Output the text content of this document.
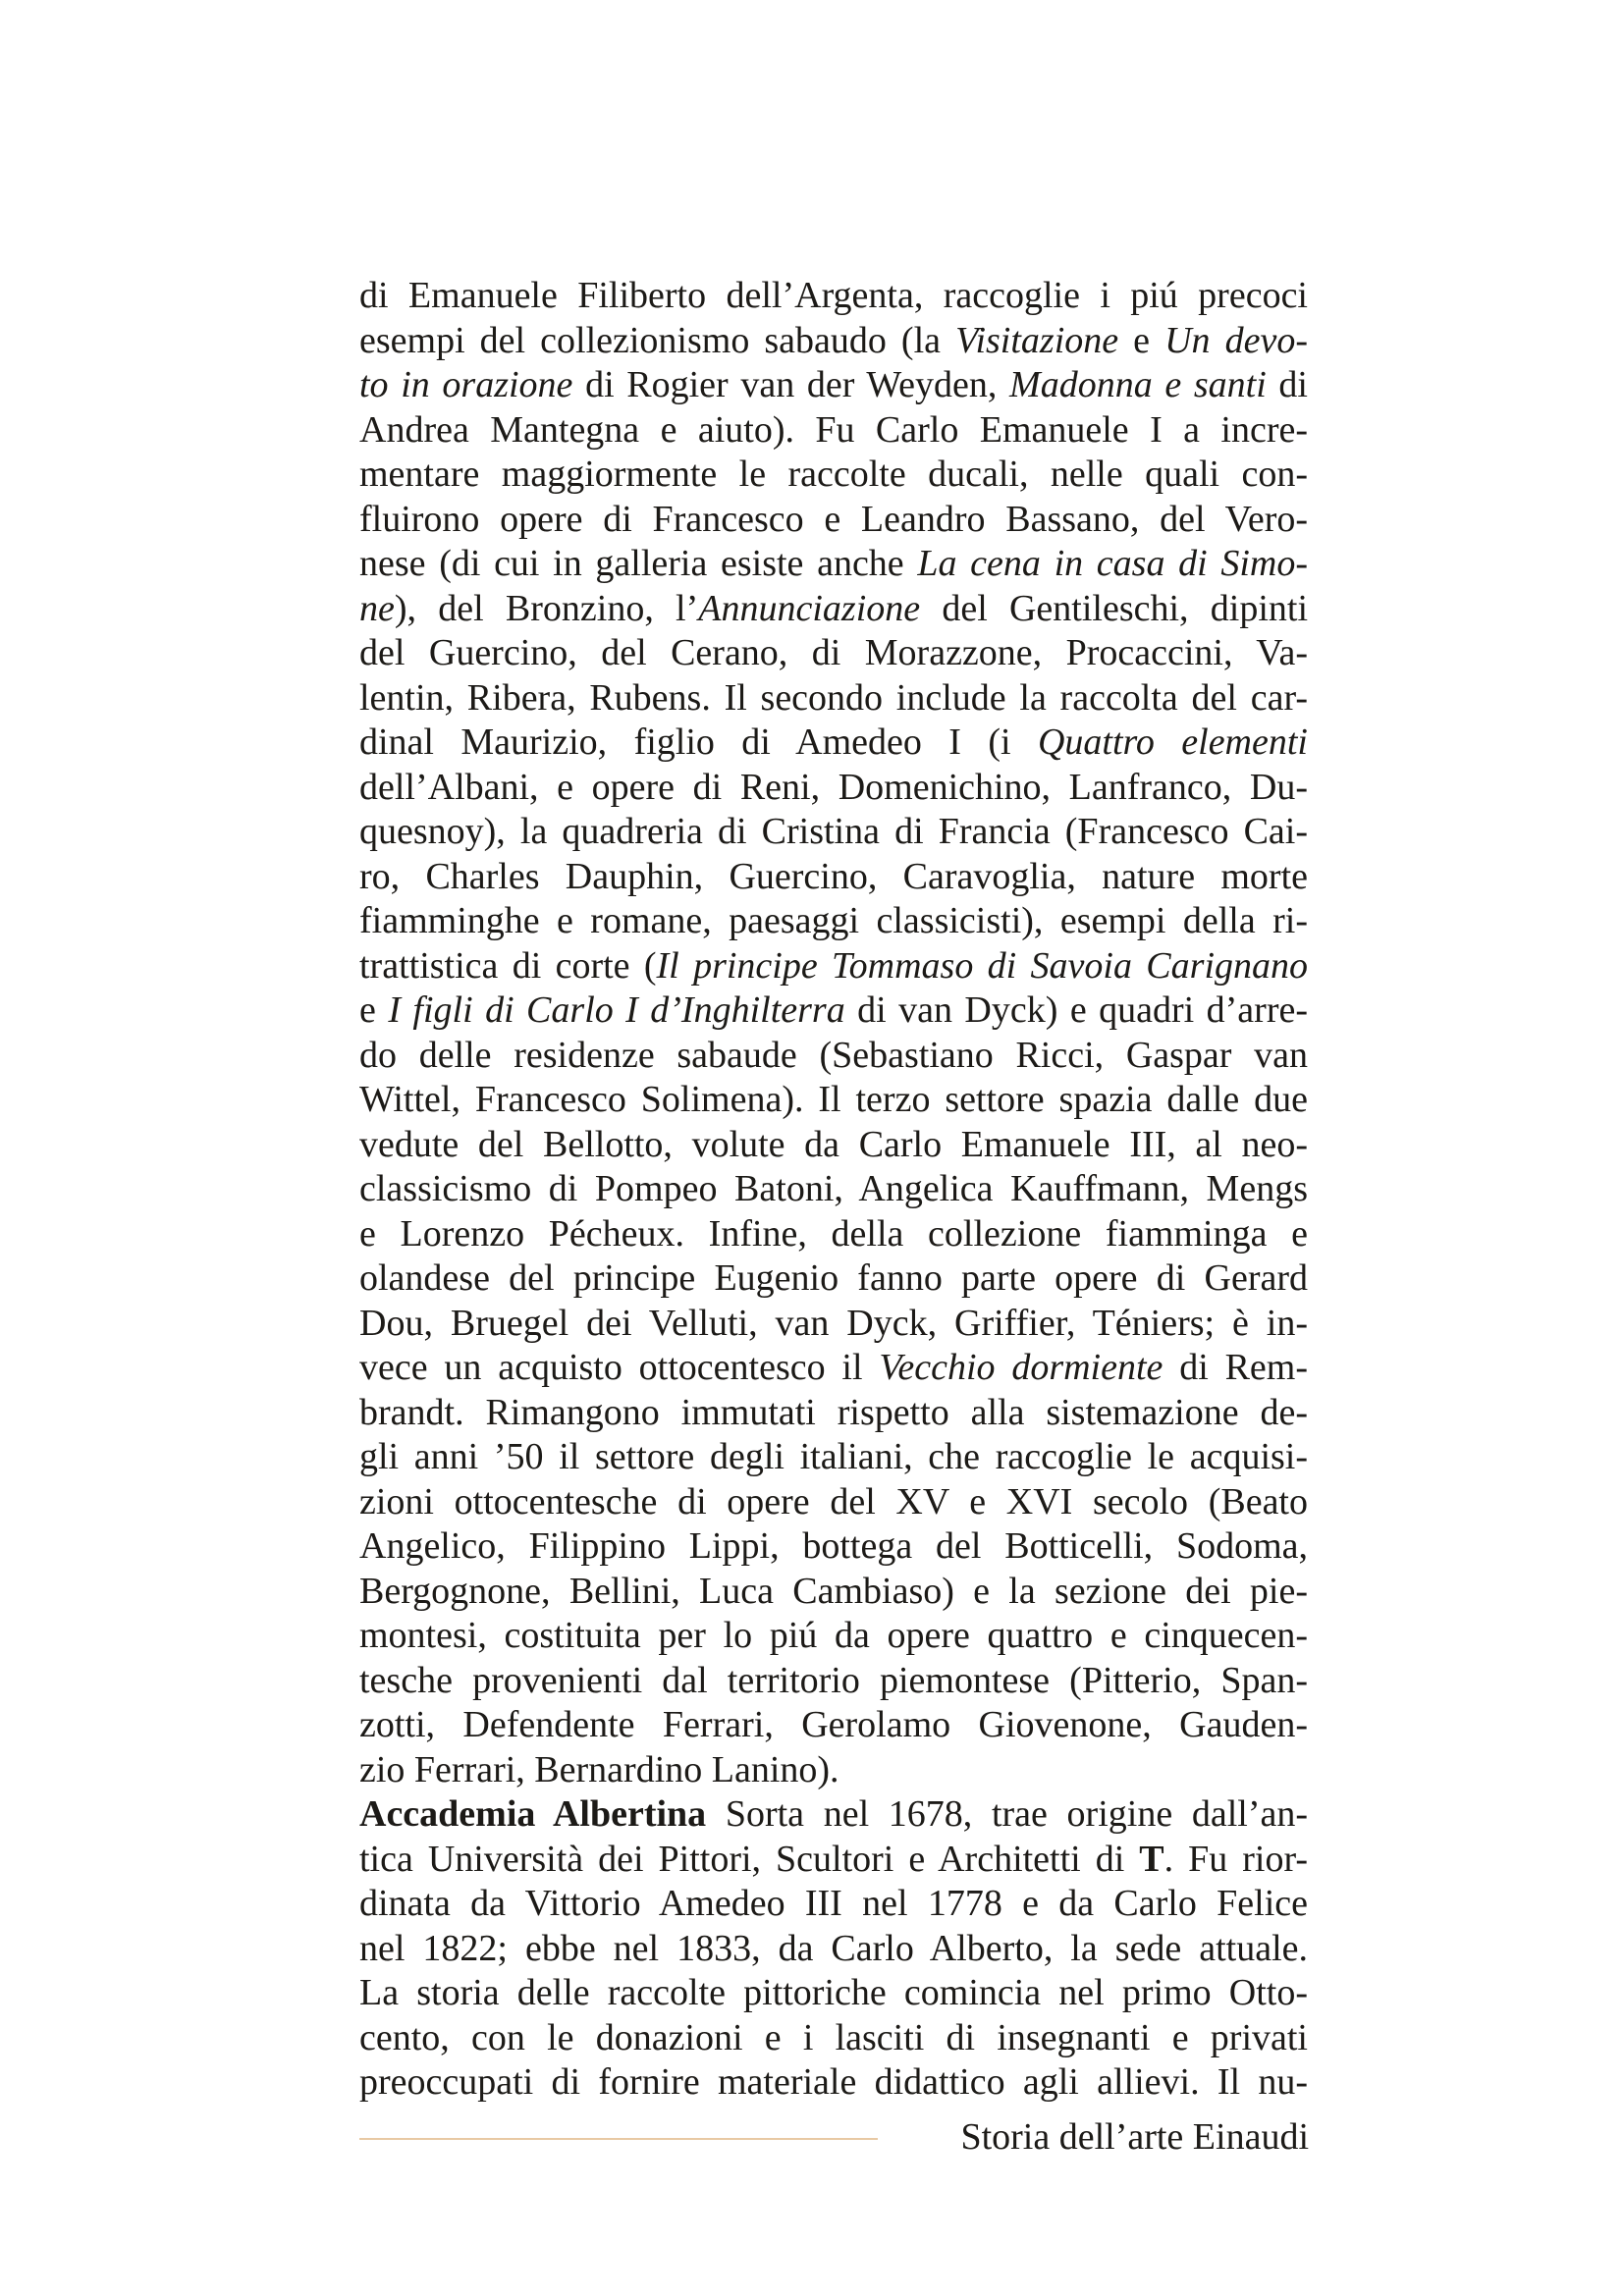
di Emanuele Filiberto dell’Argenta, raccoglie i piú precoci
esempi del collezionismo sabaudo (la Visitazione e Un devo-
to in orazione di Rogier van der Weyden, Madonna e santi di
Andrea Mantegna e aiuto). Fu Carlo Emanuele I a incre-
mentare maggiormente le raccolte ducali, nelle quali con-
fluirono opere di Francesco e Leandro Bassano, del Vero-
nese (di cui in galleria esiste anche La cena in casa di Simo-
ne), del Bronzino, l’Annunciazione del Gentileschi, dipinti
del Guercino, del Cerano, di Morazzone, Procaccini, Va-
lentin, Ribera, Rubens. Il secondo include la raccolta del car-
dinal Maurizio, figlio di Amedeo I (i Quattro elementi
dell’Albani, e opere di Reni, Domenichino, Lanfranco, Du-
quesnoy), la quadreria di Cristina di Francia (Francesco Cai-
ro, Charles Dauphin, Guercino, Caravoglia, nature morte
fiamminghe e romane, paesaggi classicisti), esempi della ri-
trattistica di corte (Il principe Tommaso di Savoia Carignano
e I figli di Carlo I d’Inghilterra di van Dyck) e quadri d’arre-
do delle residenze sabaude (Sebastiano Ricci, Gaspar van
Wittel, Francesco Solimena). Il terzo settore spazia dalle due
vedute del Bellotto, volute da Carlo Emanuele III, al neo-
classicismo di Pompeo Batoni, Angelica Kauffmann, Mengs
e Lorenzo Pécheux. Infine, della collezione fiamminga e
olandese del principe Eugenio fanno parte opere di Gerard
Dou, Bruegel dei Velluti, van Dyck, Griffier, Téniers; è in-
vece un acquisto ottocentesco il Vecchio dormiente di Rem-
brandt. Rimangono immutati rispetto alla sistemazione de-
gli anni ’50 il settore degli italiani, che raccoglie le acquisi-
zioni ottocentesche di opere del XV e XVI secolo (Beato
Angelico, Filippino Lippi, bottega del Botticelli, Sodoma,
Bergognone, Bellini, Luca Cambiaso) e la sezione dei pie-
montesi, costituita per lo piú da opere quattro e cinquecen-
tesche provenienti dal territorio piemontese (Pitterio, Span-
zotti, Defendente Ferrari, Gerolamo Giovenone, Gauden-
zio Ferrari, Bernardino Lanino).
Accademia Albertina Sorta nel 1678, trae origine dall’an-
tica Università dei Pittori, Scultori e Architetti di T. Fu rior-
dinata da Vittorio Amedeo III nel 1778 e da Carlo Felice
nel 1822; ebbe nel 1833, da Carlo Alberto, la sede attuale.
La storia delle raccolte pittoriche comincia nel primo Otto-
cento, con le donazioni e i lasciti di insegnanti e privati
preoccupati di fornire materiale didattico agli allievi. Il nu-
Storia dell’arte Einaudi
